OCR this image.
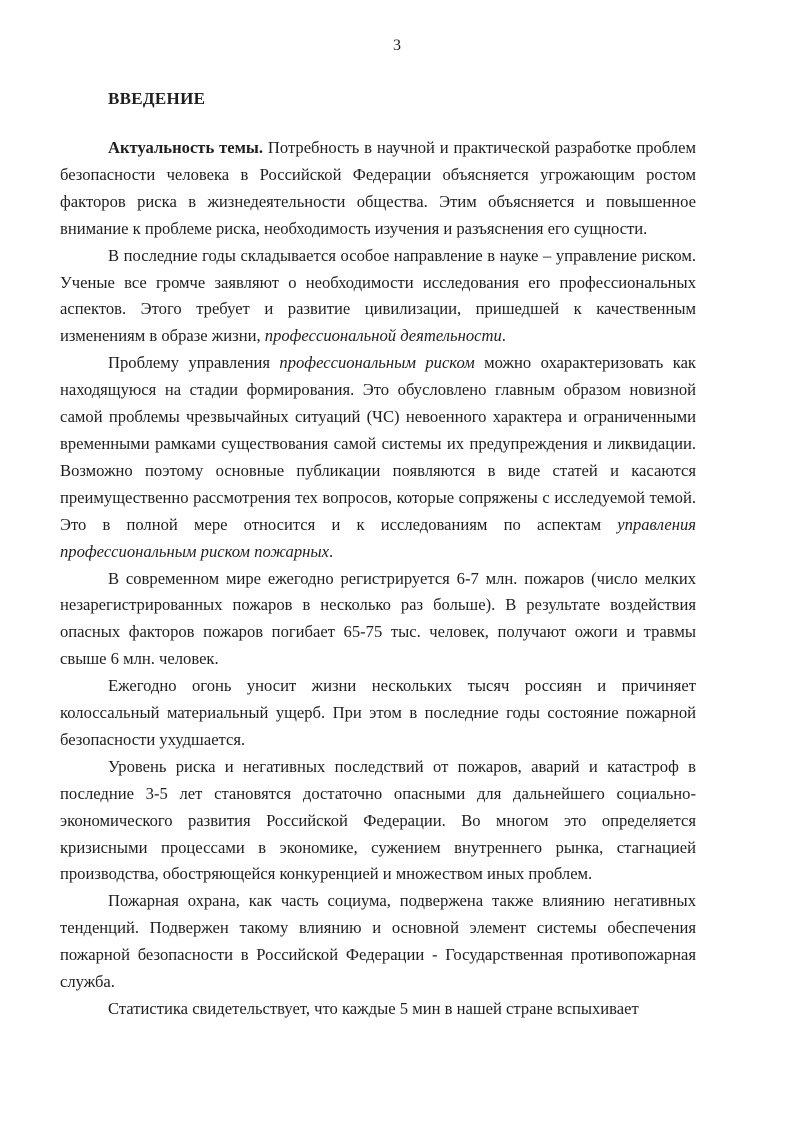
3
ВВЕДЕНИЕ

Актуальность темы. Потребность в научной и практической разработке проблем безопасности человека в Российской Федерации объясняется угрожающим ростом факторов риска в жизнедеятельности общества. Этим объясняется и повышенное внимание к проблеме риска, необходимость изучения и разъяснения его сущности.

В последние годы складывается особое направление в науке – управление риском. Ученые все громче заявляют о необходимости исследования его профессиональных аспектов. Этого требует и развитие цивилизации, пришедшей к качественным изменениям в образе жизни, профессиональной деятельности.

Проблему управления профессиональным риском можно охарактеризовать как находящуюся на стадии формирования. Это обусловлено главным образом новизной самой проблемы чрезвычайных ситуаций (ЧС) невоенного характера и ограниченными временными рамками существования самой системы их предупреждения и ликвидации. Возможно поэтому основные публикации появляются в виде статей и касаются преимущественно рассмотрения тех вопросов, которые сопряжены с исследуемой темой. Это в полной мере относится и к исследованиям по аспектам управления профессиональным риском пожарных.

В современном мире ежегодно регистрируется 6-7 млн. пожаров (число мелких незарегистрированных пожаров в несколько раз больше). В результате воздействия опасных факторов пожаров погибает 65-75 тыс. человек, получают ожоги и травмы свыше 6 млн. человек.

Ежегодно огонь уносит жизни нескольких тысяч россиян и причиняет колоссальный материальный ущерб. При этом в последние годы состояние пожарной безопасности ухудшается.

Уровень риска и негативных последствий от пожаров, аварий и катастроф в последние 3-5 лет становятся достаточно опасными для дальнейшего социально-экономического развития Российской Федерации. Во многом это определяется кризисными процессами в экономике, сужением внутреннего рынка, стагнацией производства, обостряющейся конкуренцией и множеством иных проблем.

Пожарная охрана, как часть социума, подвержена также влиянию негативных тенденций. Подвержен такому влиянию и основной элемент системы обеспечения пожарной безопасности в Российской Федерации - Государственная противопожарная служба.

Статистика свидетельствует, что каждые 5 мин в нашей стране вспыхивает
